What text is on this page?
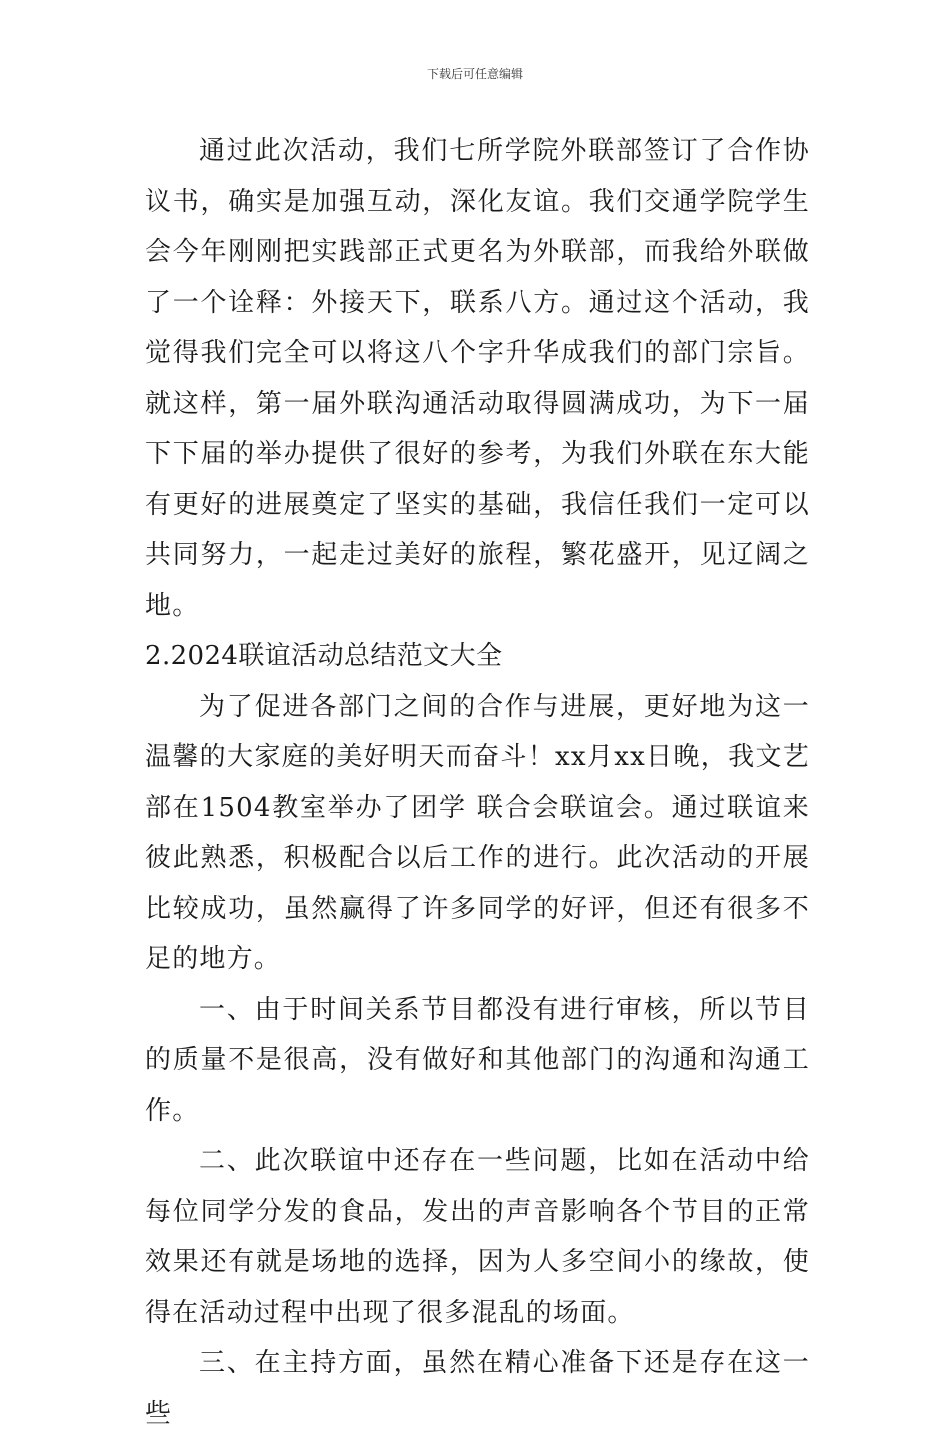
下载后可任意编辑

通过此次活动，我们七所学院外联部签订了合作协议书，确实是加强互动，深化友谊。我们交通学院学生会今年刚刚把实践部正式更名为外联部，而我给外联做了一个诠释：外接天下，联系八方。通过这个活动，我觉得我们完全可以将这八个字升华成我们的部门宗旨。就这样，第一届外联沟通活动取得圆满成功，为下一届下下届的举办提供了很好的参考，为我们外联在东大能有更好的进展奠定了坚实的基础，我信任我们一定可以共同努力，一起走过美好的旅程，繁花盛开，见辽阔之地。

2.2024联谊活动总结范文大全

为了促进各部门之间的合作与进展，更好地为这一温馨的大家庭的美好明天而奋斗！xx月xx日晚，我文艺部在1504教室举办了团学 联合会联谊会。通过联谊来彼此熟悉，积极配合以后工作的进行。此次活动的开展比较成功，虽然赢得了许多同学的好评，但还有很多不足的地方。

一、由于时间关系节目都没有进行审核，所以节目的质量不是很高，没有做好和其他部门的沟通和沟通工作。

二、此次联谊中还存在一些问题，比如在活动中给每位同学分发的食品，发出的声音影响各个节目的正常效果还有就是场地的选择，因为人多空间小的缘故，使得在活动过程中出现了很多混乱的场面。

三、在主持方面，虽然在精心准备下还是存在这一些
